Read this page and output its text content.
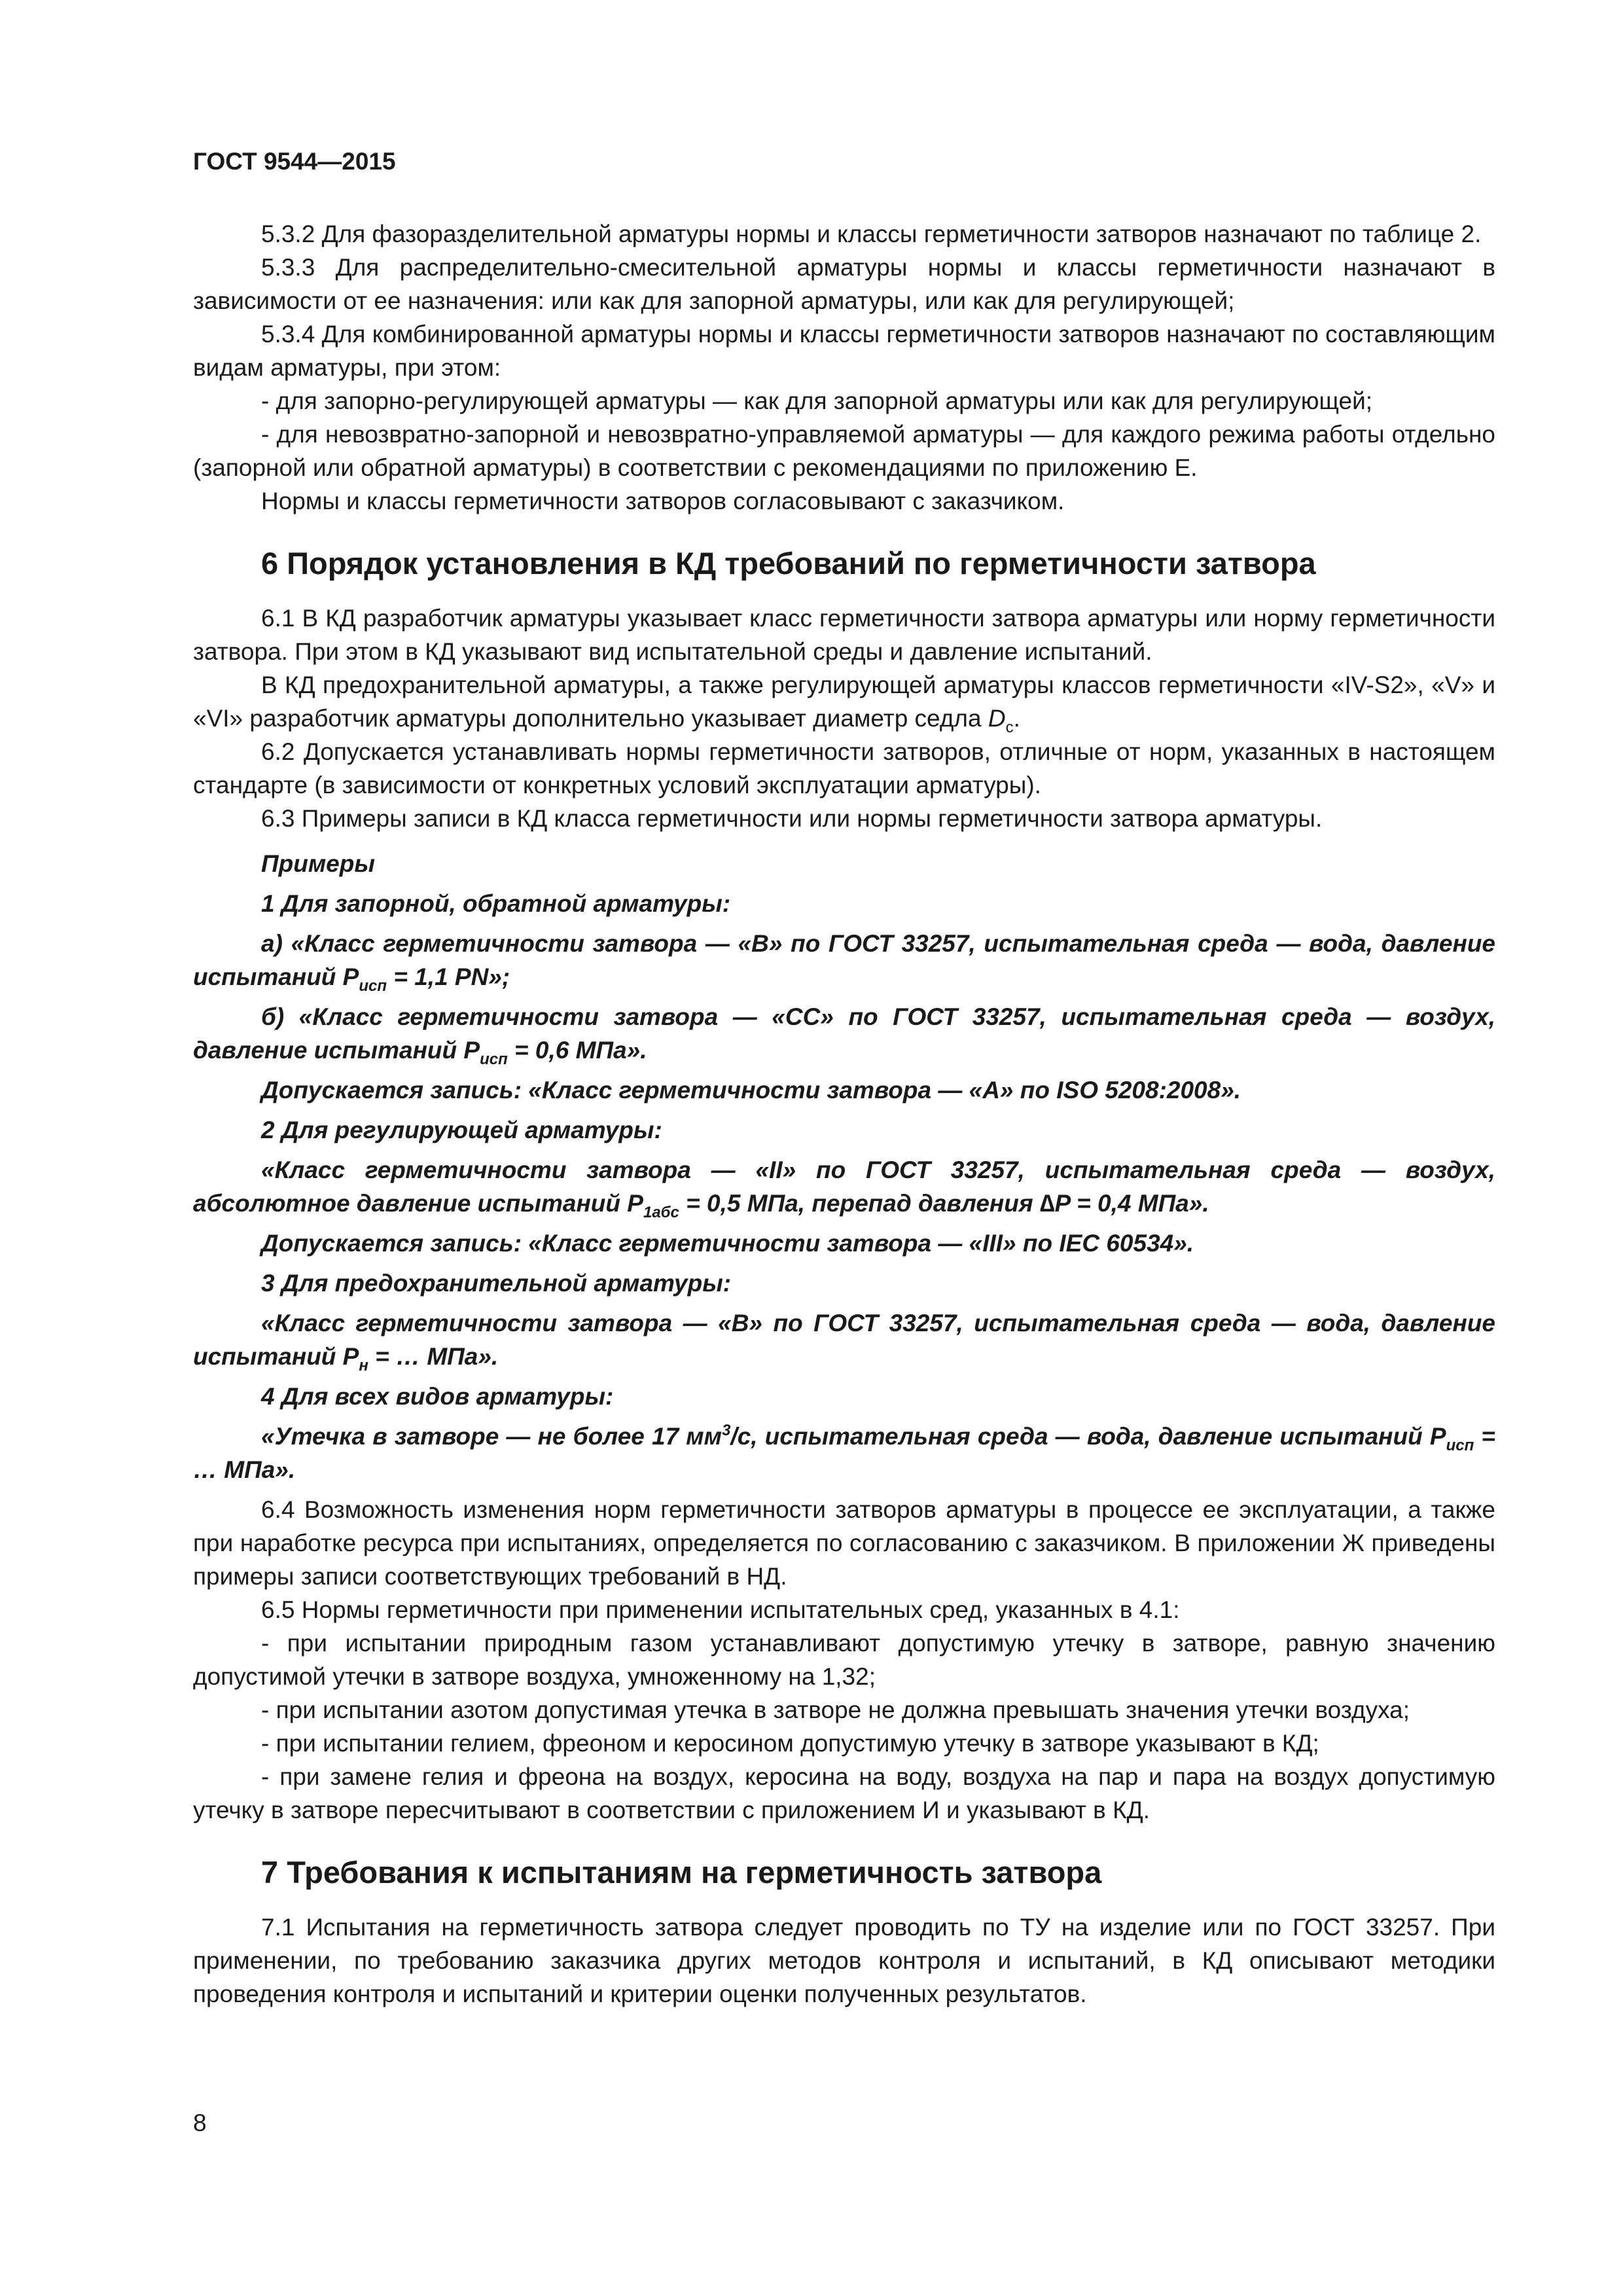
ГОСТ 9544—2015

5.3.2 Для фазоразделительной арматуры нормы и классы герметичности затворов назначают по таблице 2.

5.3.3 Для распределительно-смесительной арматуры нормы и классы герметичности назначают в зависимости от ее назначения: или как для запорной арматуры, или как для регулирующей;

5.3.4 Для комбинированной арматуры нормы и классы герметичности затворов назначают по составляющим видам арматуры, при этом:

- для запорно-регулирующей арматуры — как для запорной арматуры или как для регулирующей;

- для невозвратно-запорной и невозвратно-управляемой арматуры — для каждого режима работы отдельно (запорной или обратной арматуры) в соответствии с рекомендациями по приложению Е.

Нормы и классы герметичности затворов согласовывают с заказчиком.

6 Порядок установления в КД требований по герметичности затвора

6.1 В КД разработчик арматуры указывает класс герметичности затвора арматуры или норму герметичности затвора. При этом в КД указывают вид испытательной среды и давление испытаний.

В КД предохранительной арматуры, а также регулирующей арматуры классов герметичности «IV-S2», «V» и «VI» разработчик арматуры дополнительно указывает диаметр седла $D_c$.

6.2 Допускается устанавливать нормы герметичности затворов, отличные от норм, указанных в настоящем стандарте (в зависимости от конкретных условий эксплуатации арматуры).

6.3 Примеры записи в КД класса герметичности или нормы герметичности затвора арматуры.

Примеры

1 Для запорной, обратной арматуры:

а) «Класс герметичности затвора — «В» по ГОСТ 33257, испытательная среда — вода, давление испытаний $P_{исп} = 1,1$ PN»;

б) «Класс герметичности затвора — «СС» по ГОСТ 33257, испытательная среда — воздух, давление испытаний $P_{исп} = 0,6$ МПа».

Допускается запись: «Класс герметичности затвора — «А» по ISO 5208:2008».

2 Для регулирующей арматуры:

«Класс герметичности затвора — «II» по ГОСТ 33257, испытательная среда — воздух, абсолютное давление испытаний $P_{1абс} = 0,5$ МПа, перепад давления ∆P = 0,4 МПа».

Допускается запись: «Класс герметичности затвора — «III» по IEC 60534».

3 Для предохранительной арматуры:

«Класс герметичности затвора — «В» по ГОСТ 33257, испытательная среда — вода, давление испытаний $P_н$ = … МПа».

4 Для всех видов арматуры:

«Утечка в затворе — не более 17 $мм^3/с$, испытательная среда — вода, давление испытаний $P_{исп}$ = … МПа».

6.4 Возможность изменения норм герметичности затворов арматуры в процессе ее эксплуатации, а также при наработке ресурса при испытаниях, определяется по согласованию с заказчиком. В приложении Ж приведены примеры записи соответствующих требований в НД.

6.5 Нормы герметичности при применении испытательных сред, указанных в 4.1:

- при испытании природным газом устанавливают допустимую утечку в затворе, равную значению допустимой утечки в затворе воздуха, умноженному на 1,32;

- при испытании азотом допустимая утечка в затворе не должна превышать значения утечки воздуха;

- при испытании гелием, фреоном и керосином допустимую утечку в затворе указывают в КД;

- при замене гелия и фреона на воздух, керосина на воду, воздуха на пар и пара на воздух допустимую утечку в затворе пересчитывают в соответствии с приложением И и указывают в КД.

7 Требования к испытаниям на герметичность затвора

7.1 Испытания на герметичность затвора следует проводить по ТУ на изделие или по ГОСТ 33257. При применении, по требованию заказчика других методов контроля и испытаний, в КД описывают методики проведения контроля и испытаний и критерии оценки полученных результатов.

8
